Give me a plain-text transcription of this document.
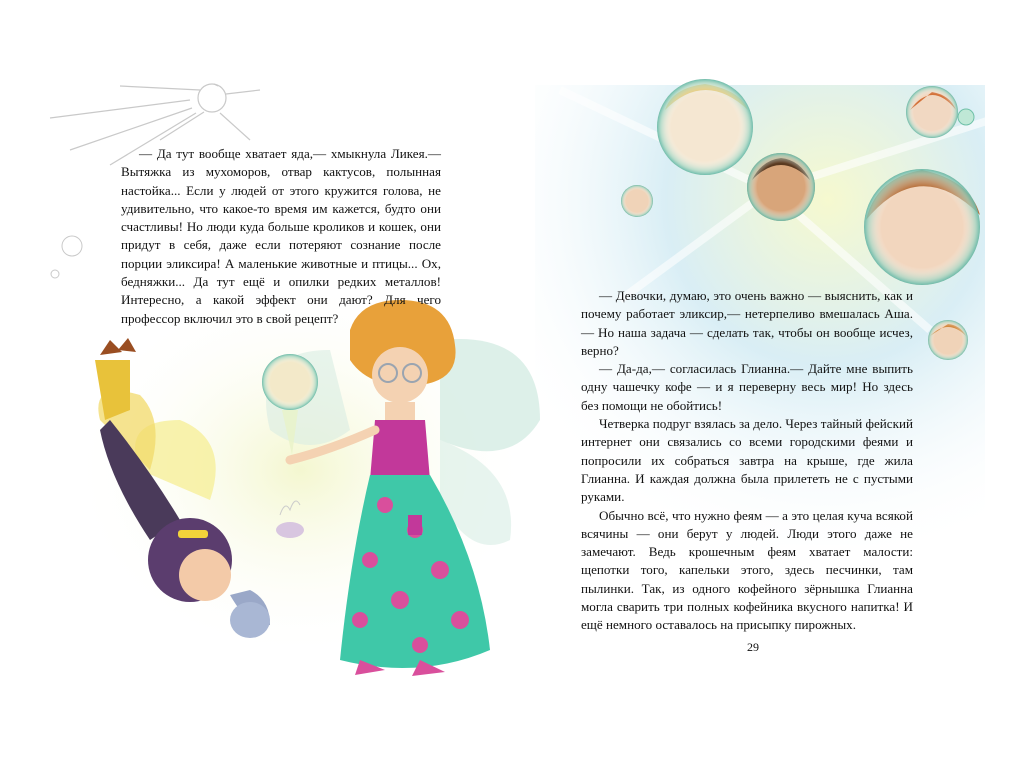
— Да тут вообще хватает яда,— хмыкнула Ликея.— Вытяжка из мухоморов, отвар кактусов, полынная настойка... Если у людей от этого кружится голова, не удивительно, что какое-то время им кажется, будто они счастливы! Но люди куда больше кроликов и кошек, они придут в себя, даже если потеряют сознание после порции эликсира! А маленькие животные и птицы... Ох, бедняжки... Да тут ещё и опилки редких металлов! Интересно, а какой эффект они дают? Для чего профессор включил это в свой рецепт?

— Девочки, думаю, это очень важно — выяснить, как и почему работает эликсир,— нетерпеливо вмешалась Аша.— Но наша задача — сделать так, чтобы он вообще исчез, верно?

— Да-да,— согласилась Глианна.— Дайте мне выпить одну чашечку кофе — и я переверну весь мир! Но здесь без помощи не обойтись!

Четверка подруг взялась за дело. Через тайный фейский интернет они связались со всеми городскими феями и попросили их собраться завтра на крыше, где жила Глианна. И каждая должна была прилететь не с пустыми руками.

Обычно всё, что нужно феям — а это целая куча всякой всячины — они берут у людей. Люди этого даже не замечают. Ведь крошечным феям хватает малости: щепотки того, капельки этого, здесь песчинки, там пылинки. Так, из одного кофейного зёрнышка Глианна могла сварить три полных кофейника вкусного напитка! И ещё немного оставалось на присыпку пирожных.

29
